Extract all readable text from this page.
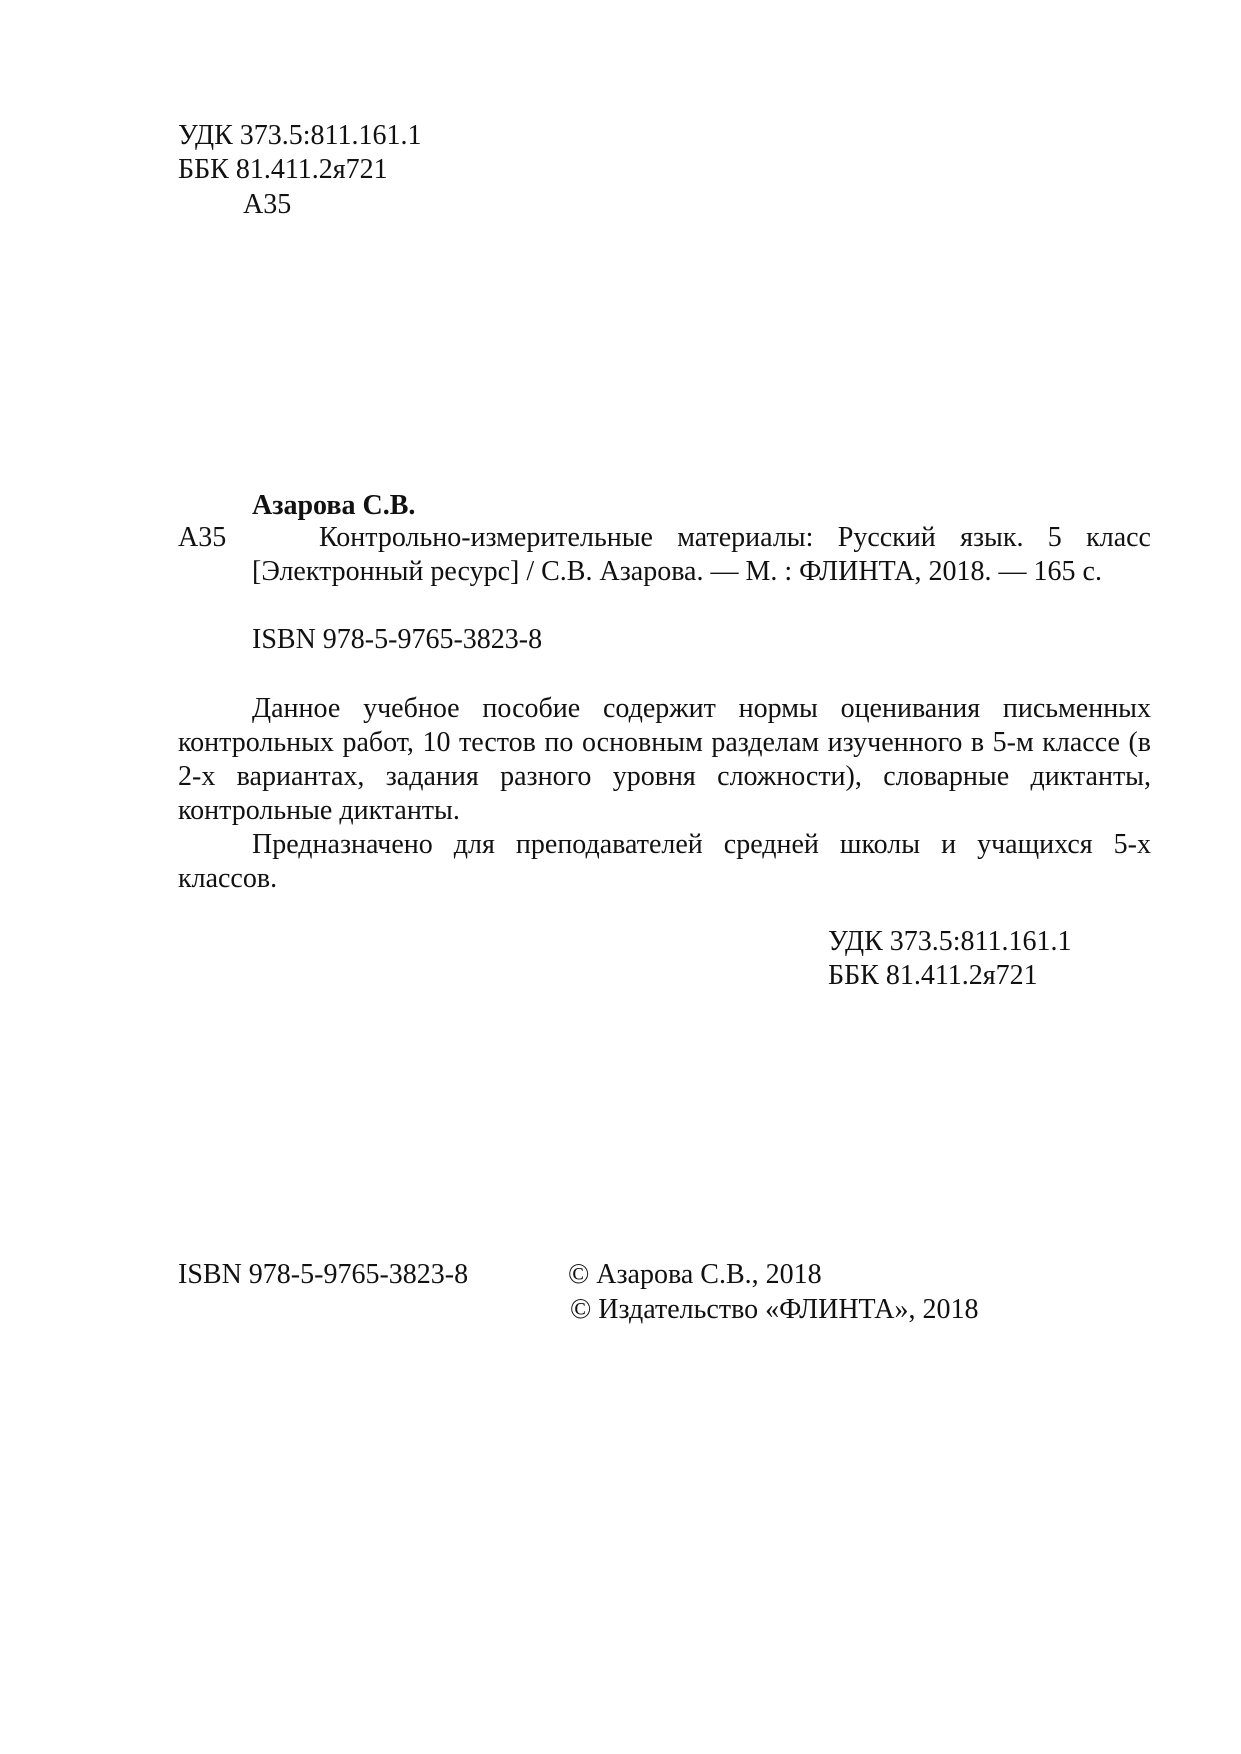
УДК 373.5:811.161.1
ББК 81.411.2я721
А35
Азарова С.В.
А35	Контрольно-измерительные материалы: Русский язык. 5 класс
[Электронный ресурс] / С.В. Азарова. — М. : ФЛИНТА, 2018. — 165 с.
ISBN 978-5-9765-3823-8
Данное учебное пособие содержит нормы оценивания письменных контрольных работ, 10 тестов по основным разделам изученного в 5-м классе (в 2-х вариантах, задания разного уровня сложности), словарные диктанты, контрольные диктанты.
Предназначено для преподавателей средней школы и учащихся 5-х классов.
УДК 373.5:811.161.1
ББК 81.411.2я721
ISBN 978-5-9765-3823-8	© Азарова С.В., 2018
© Издательство «ФЛИНТА», 2018
